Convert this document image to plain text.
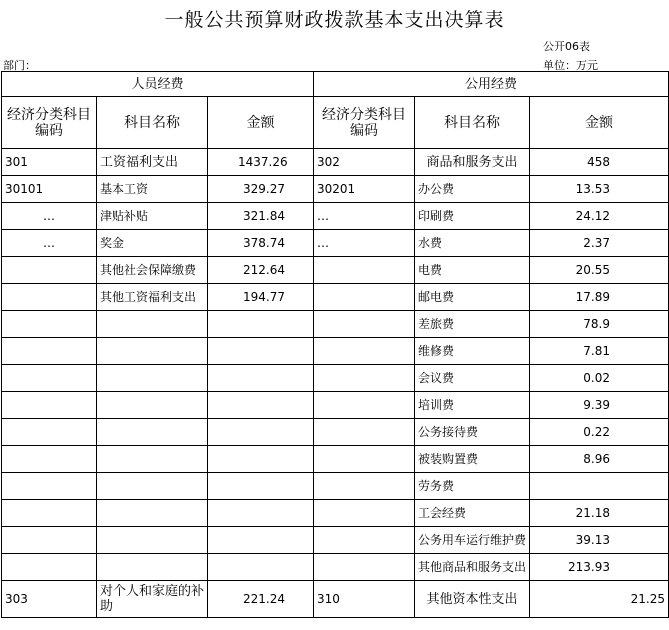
一般公共预算财政拨款基本支出决算表
公开06表
部门：	单位：万元
人员经费			公用经费		
经济分类科目编码	科目名称	金额	经济分类科目编码	科目名称	金额
301	工资福利支出	1437.26	302	商品和服务支出	458
30101	基本工资	329.27	30201	办公费	13.53
…	津贴补贴	321.84	…	印刷费	24.12
…	奖金	378.74	…	水费	2.37
	其他社会保障缴费	212.64		电费	20.55
	其他工资福利支出	194.77		邮电费	17.89
				差旅费	78.9
				维修费	7.81
				会议费	0.02
				培训费	9.39
				公务接待费	0.22
				被装购置费	8.96
				劳务费	
				工会经费	21.18
				公务用车运行维护费	39.13
				其他商品和服务支出	213.93
303	对个人和家庭的补助	221.24	310	其他资本性支出	21.25
